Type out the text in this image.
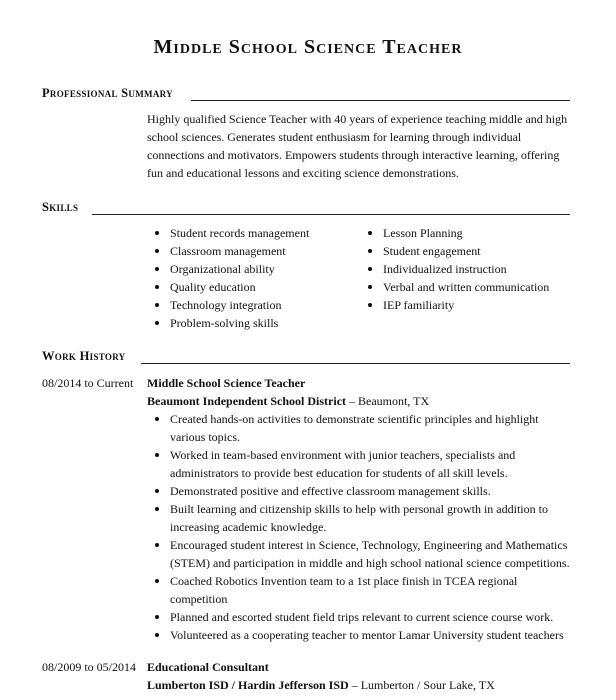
Middle School Science Teacher
Professional Summary
Highly qualified Science Teacher with 40 years of experience teaching middle and high school sciences. Generates student enthusiasm for learning through individual connections and motivators. Empowers students through interactive learning, offering fun and educational lessons and exciting science demonstrations.
Skills
Student records management
Classroom management
Organizational ability
Quality education
Technology integration
Problem-solving skills
Lesson Planning
Student engagement
Individualized instruction
Verbal and written communication
IEP familiarity
Work History
08/2014 to Current	Middle School Science Teacher
Beaumont Independent School District – Beaumont, TX
Created hands-on activities to demonstrate scientific principles and highlight various topics.
Worked in team-based environment with junior teachers, specialists and administrators to provide best education for students of all skill levels.
Demonstrated positive and effective classroom management skills.
Built learning and citizenship skills to help with personal growth in addition to increasing academic knowledge.
Encouraged student interest in Science, Technology, Engineering and Mathematics (STEM) and participation in middle and high school national science competitions.
Coached Robotics Invention team to a 1st place finish in TCEA regional competition
Planned and escorted student field trips relevant to current science course work.
Volunteered as a cooperating teacher to mentor Lamar University student teachers
08/2009 to 05/2014 Educational Consultant
Lumberton ISD / Hardin Jefferson ISD – Lumberton / Sour Lake, TX
